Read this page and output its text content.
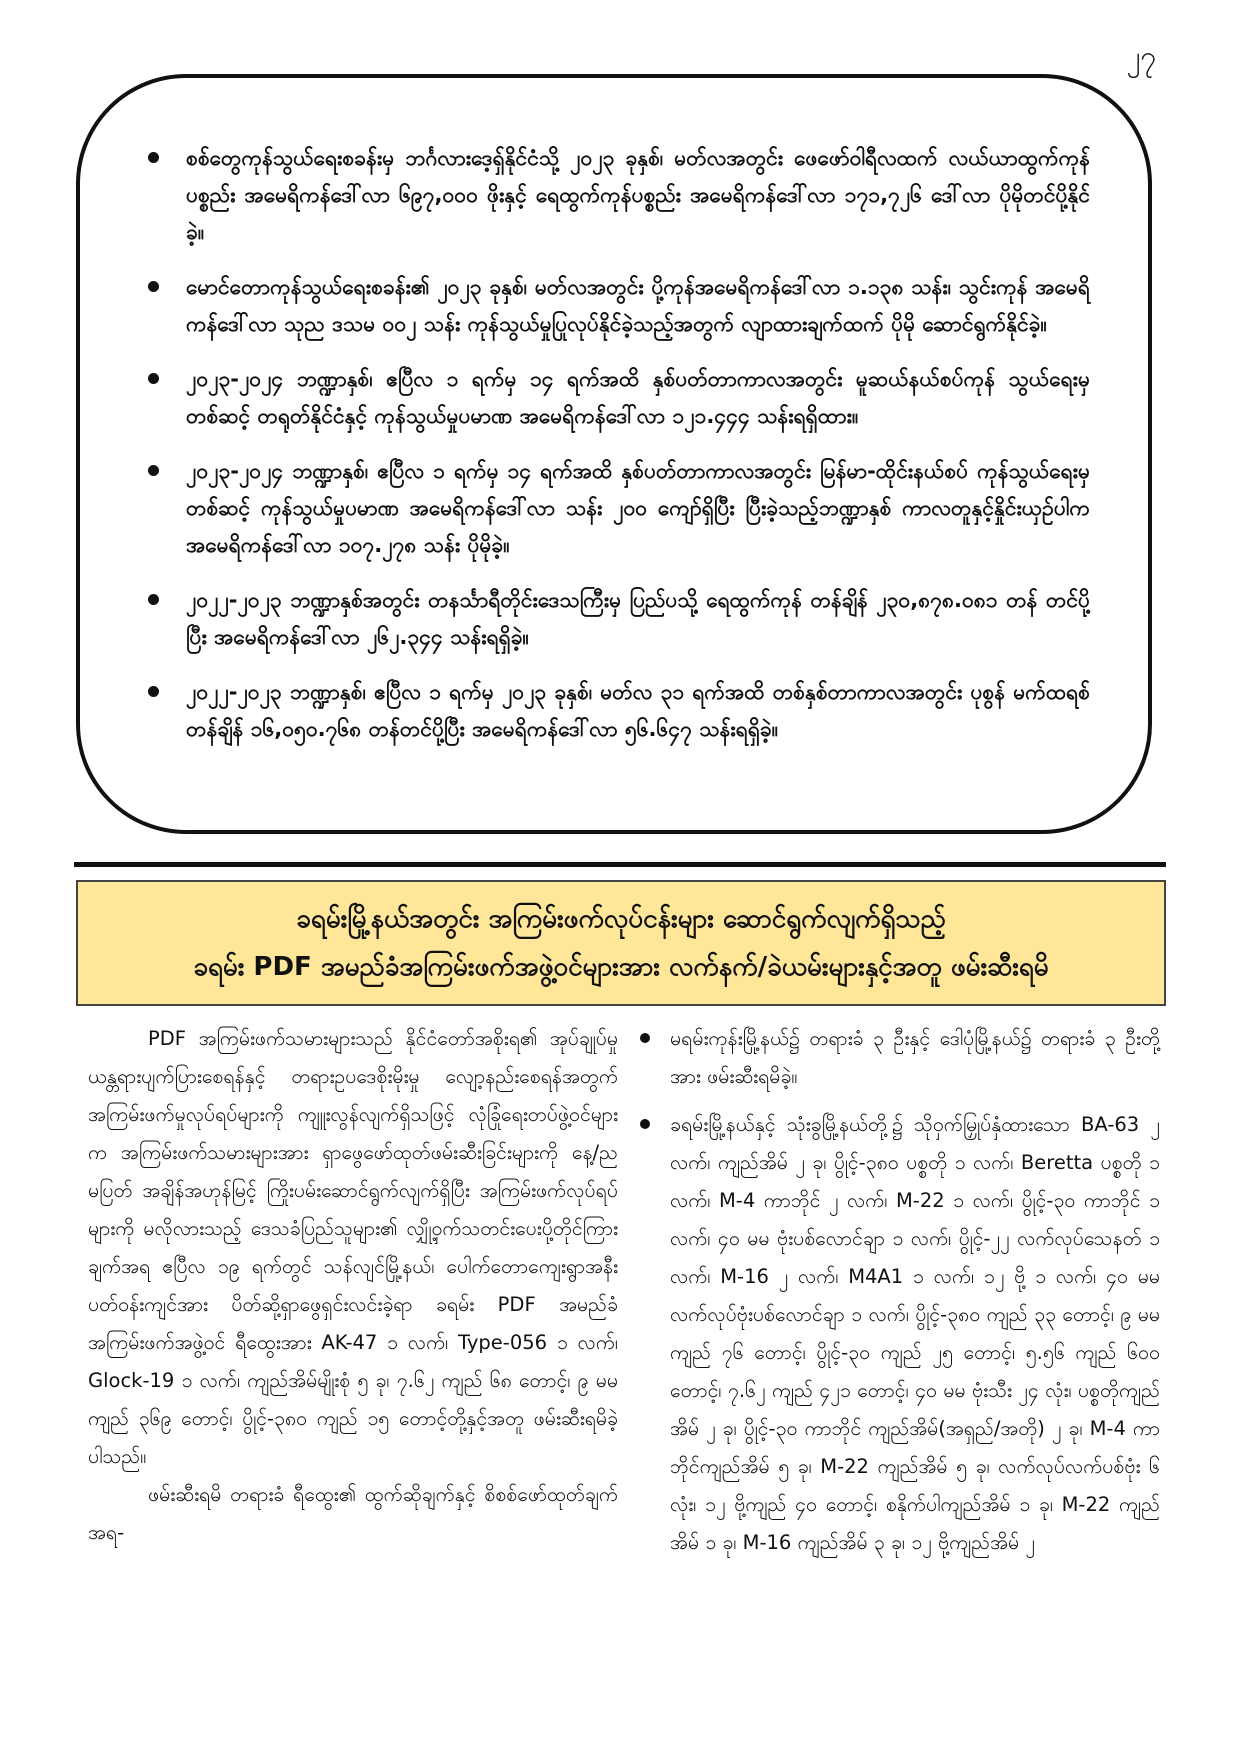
၂၇
စစ်တွေကုန်သွယ်ရေးစခန်းမှ ဘင်္ဂလားဒေ့ရှ်နိုင်ငံသို့ ၂၀၂၃ ခုနှစ်၊ မတ်လအတွင်း ဖေဖော်ဝါရီလထက် လယ်ယာထွက်ကုန်ပစ္စည်း အမေရိကန်ဒေါ်လာ ၆၉၇,၀၀၀ ဖိုးနှင့် ရေထွက်ကုန်ပစ္စည်း အမေရိကန်ဒေါ်လာ ၁၇၁,၇၂၆ ဒေါ်လာ ပိုမိုတင်ပို့နိုင်ခဲ့။
မောင်တောကုန်သွယ်ရေးစခန်း၏ ၂၀၂၃ ခုနှစ်၊ မတ်လအတွင်း ပို့ကုန်အမေရိကန်ဒေါ်လာ ၁.၁၃၈ သန်း၊ သွင်းကုန် အမေရိကန်ဒေါ်လာ သုည ဒသမ ၀၀၂ သန်း ကုန်သွယ်မှုပြုလုပ်နိုင်ခဲ့သည့်အတွက် လျာထားချက်ထက် ပိုမို ဆောင်ရွက်နိုင်ခဲ့။
၂၀၂၃-၂၀၂၄ ဘဏ္ဍာနှစ်၊ ဧပြီလ ၁ ရက်မှ ၁၄ ရက်အထိ နှစ်ပတ်တာကာလအတွင်း မူဆယ်နယ်စပ်ကုန် သွယ်ရေးမှတစ်ဆင့် တရုတ်နိုင်ငံနှင့် ကုန်သွယ်မှုပမာဏ အမေရိကန်ဒေါ်လာ ၁၂၁.၄၄၄ သန်းရရှိထား။
၂၀၂၃-၂၀၂၄ ဘဏ္ဍာနှစ်၊ ဧပြီလ ၁ ရက်မှ ၁၄ ရက်အထိ နှစ်ပတ်တာကာလအတွင်း မြန်မာ-ထိုင်းနယ်စပ် ကုန်သွယ်ရေးမှတစ်ဆင့် ကုန်သွယ်မှုပမာဏ အမေရိကန်ဒေါ်လာ သန်း ၂၀၀ ကျော်ရှိပြီး ပြီးခဲ့သည့်ဘဏ္ဍာနှစ် ကာလတူနှင့်နှိုင်းယှဉ်ပါက အမေရိကန်ဒေါ်လာ ၁၀၇.၂၇၈ သန်း ပိုမိုခဲ့။
၂၀၂၂-၂၀၂၃ ဘဏ္ဍာနှစ်အတွင်း တနင်္သာရီတိုင်းဒေသကြီးမှ ပြည်ပသို့ ရေထွက်ကုန် တန်ချိန် ၂၃၀,၈၇၈.၀၈၁ တန် တင်ပို့ပြီး အမေရိကန်ဒေါ်လာ ၂၆၂.၃၄၄ သန်းရရှိခဲ့။
၂၀၂၂-၂၀၂၃ ဘဏ္ဍာနှစ်၊ ဧပြီလ ၁ ရက်မှ ၂၀၂၃ ခုနှစ်၊ မတ်လ ၃၁ ရက်အထိ တစ်နှစ်တာကာလအတွင်း ပုစွန် မက်ထရစ်တန်ချိန် ၁၆,၀၅၀.၇၆၈ တန်တင်ပို့ပြီး အမေရိကန်ဒေါ်လာ ၅၆.၆၄၇ သန်းရရှိခဲ့။
ခရမ်းမြို့နယ်အတွင်း အကြမ်းဖက်လုပ်ငန်းများ ဆောင်ရွက်လျက်ရှိသည့်
ခရမ်း PDF အမည်ခံအကြမ်းဖက်အဖွဲ့ဝင်များအား လက်နက်/ခဲယမ်းများနှင့်အတူ ဖမ်းဆီးရမိ

PDF အကြမ်းဖက်သမားများသည် နိုင်ငံတော်အစိုးရ၏ အုပ်ချုပ်မှုယန္တရားပျက်ပြားစေရန်နှင့် တရားဥပဒေစိုးမိုးမှု လျော့နည်းစေရန်အတွက် အကြမ်းဖက်မှုလုပ်ရပ်များကို ကျူးလွန်လျက်ရှိသဖြင့် လုံခြုံရေးတပ်ဖွဲ့ဝင်များက အကြမ်းဖက်သမားများအား ရှာဖွေဖော်ထုတ်ဖမ်းဆီးခြင်းများကို နေ့/ည မပြတ် အချိန်အဟုန်မြင့် ကြိုးပမ်းဆောင်ရွက်လျက်ရှိပြီး အကြမ်းဖက်လုပ်ရပ်များကို မလိုလားသည့် ဒေသခံပြည်သူများ၏ လျှို့ဝှက်သတင်းပေးပို့တိုင်ကြားချက်အရ ဧပြီလ ၁၉ ရက်တွင် သန်လျင်မြို့နယ်၊ ပေါက်တောကျေးရွာအနီးပတ်ဝန်းကျင်အား ပိတ်ဆို့ရှာဖွေရှင်းလင်းခဲ့ရာ ခရမ်း PDF အမည်ခံ အကြမ်းဖက်အဖွဲ့ဝင် ရီထွေးအား AK-47 ၁ လက်၊ Type-056 ၁ လက်၊ Glock-19 ၁ လက်၊ ကျည်အိမ်မျိုးစုံ ၅ ခု၊ ၇.၆၂ ကျည် ၆၈ တောင့်၊ ၉ မမ ကျည် ၃၆၉ တောင့်၊ ပွိုင့်-၃၈၀ ကျည် ၁၅ တောင့်တို့နှင့်အတူ ဖမ်းဆီးရမိခဲ့ပါသည်။

ဖမ်းဆီးရမိ တရားခံ ရီထွေး၏ ထွက်ဆိုချက်နှင့် စိစစ်ဖော်ထုတ်ချက်အရ-

မရမ်းကုန်းမြို့နယ်၌ တရားခံ ၃ ဦးနှင့် ဒေါပုံမြို့နယ်၌ တရားခံ ၃ ဦးတို့အား ဖမ်းဆီးရမိခဲ့။
ခရမ်းမြို့နယ်နှင့် သုံးခွမြို့နယ်တို့၌ သိုဝှက်မြှုပ်နှံထားသော BA-63 ၂ လက်၊ ကျည်အိမ် ၂ ခု၊ ပွိုင့်-၃၈၀ ပစ္စတို ၁ လက်၊ Beretta ပစ္စတို ၁ လက်၊ M-4 ကာဘိုင် ၂ လက်၊ M-22 ၁ လက်၊ ပွိုင့်-၃၀ ကာဘိုင် ၁ လက်၊ ၄၀ မမ ဗုံးပစ်လောင်ချာ ၁ လက်၊ ပွိုင့်-၂၂ လက်လုပ်သေနတ် ၁ လက်၊ M-16 ၂ လက်၊ M4A1 ၁ လက်၊ ၁၂ ဗို့ ၁ လက်၊ ၄၀ မမ လက်လုပ်ဗုံးပစ်လောင်ချာ ၁ လက်၊ ပွိုင့်-၃၈၀ ကျည် ၃၃ တောင့်၊ ၉ မမကျည် ၇၆ တောင့်၊ ပွိုင့်-၃၀ ကျည် ၂၅ တောင့်၊ ၅.၅၆ ကျည် ၆၀၀ တောင့်၊ ၇.၆၂ ကျည် ၄၂၁ တောင့်၊ ၄၀ မမ ဗုံးသီး ၂၄ လုံး၊ ပစ္စတိုကျည်အိမ် ၂ ခု၊ ပွိုင့်-၃၀ ကာဘိုင် ကျည်အိမ်(အရှည်/အတို) ၂ ခု၊ M-4 ကာဘိုင်ကျည်အိမ် ၅ ခု၊ M-22 ကျည်အိမ် ၅ ခု၊ လက်လုပ်လက်ပစ်ဗုံး ၆ လုံး၊ ၁၂ ဗို့ကျည် ၄၀ တောင့်၊ စနိုက်ပါကျည်အိမ် ၁ ခု၊ M-22 ကျည်အိမ် ၁ ခု၊ M-16 ကျည်အိမ် ၃ ခု၊ ၁၂ ဗို့ကျည်အိမ် ၂
